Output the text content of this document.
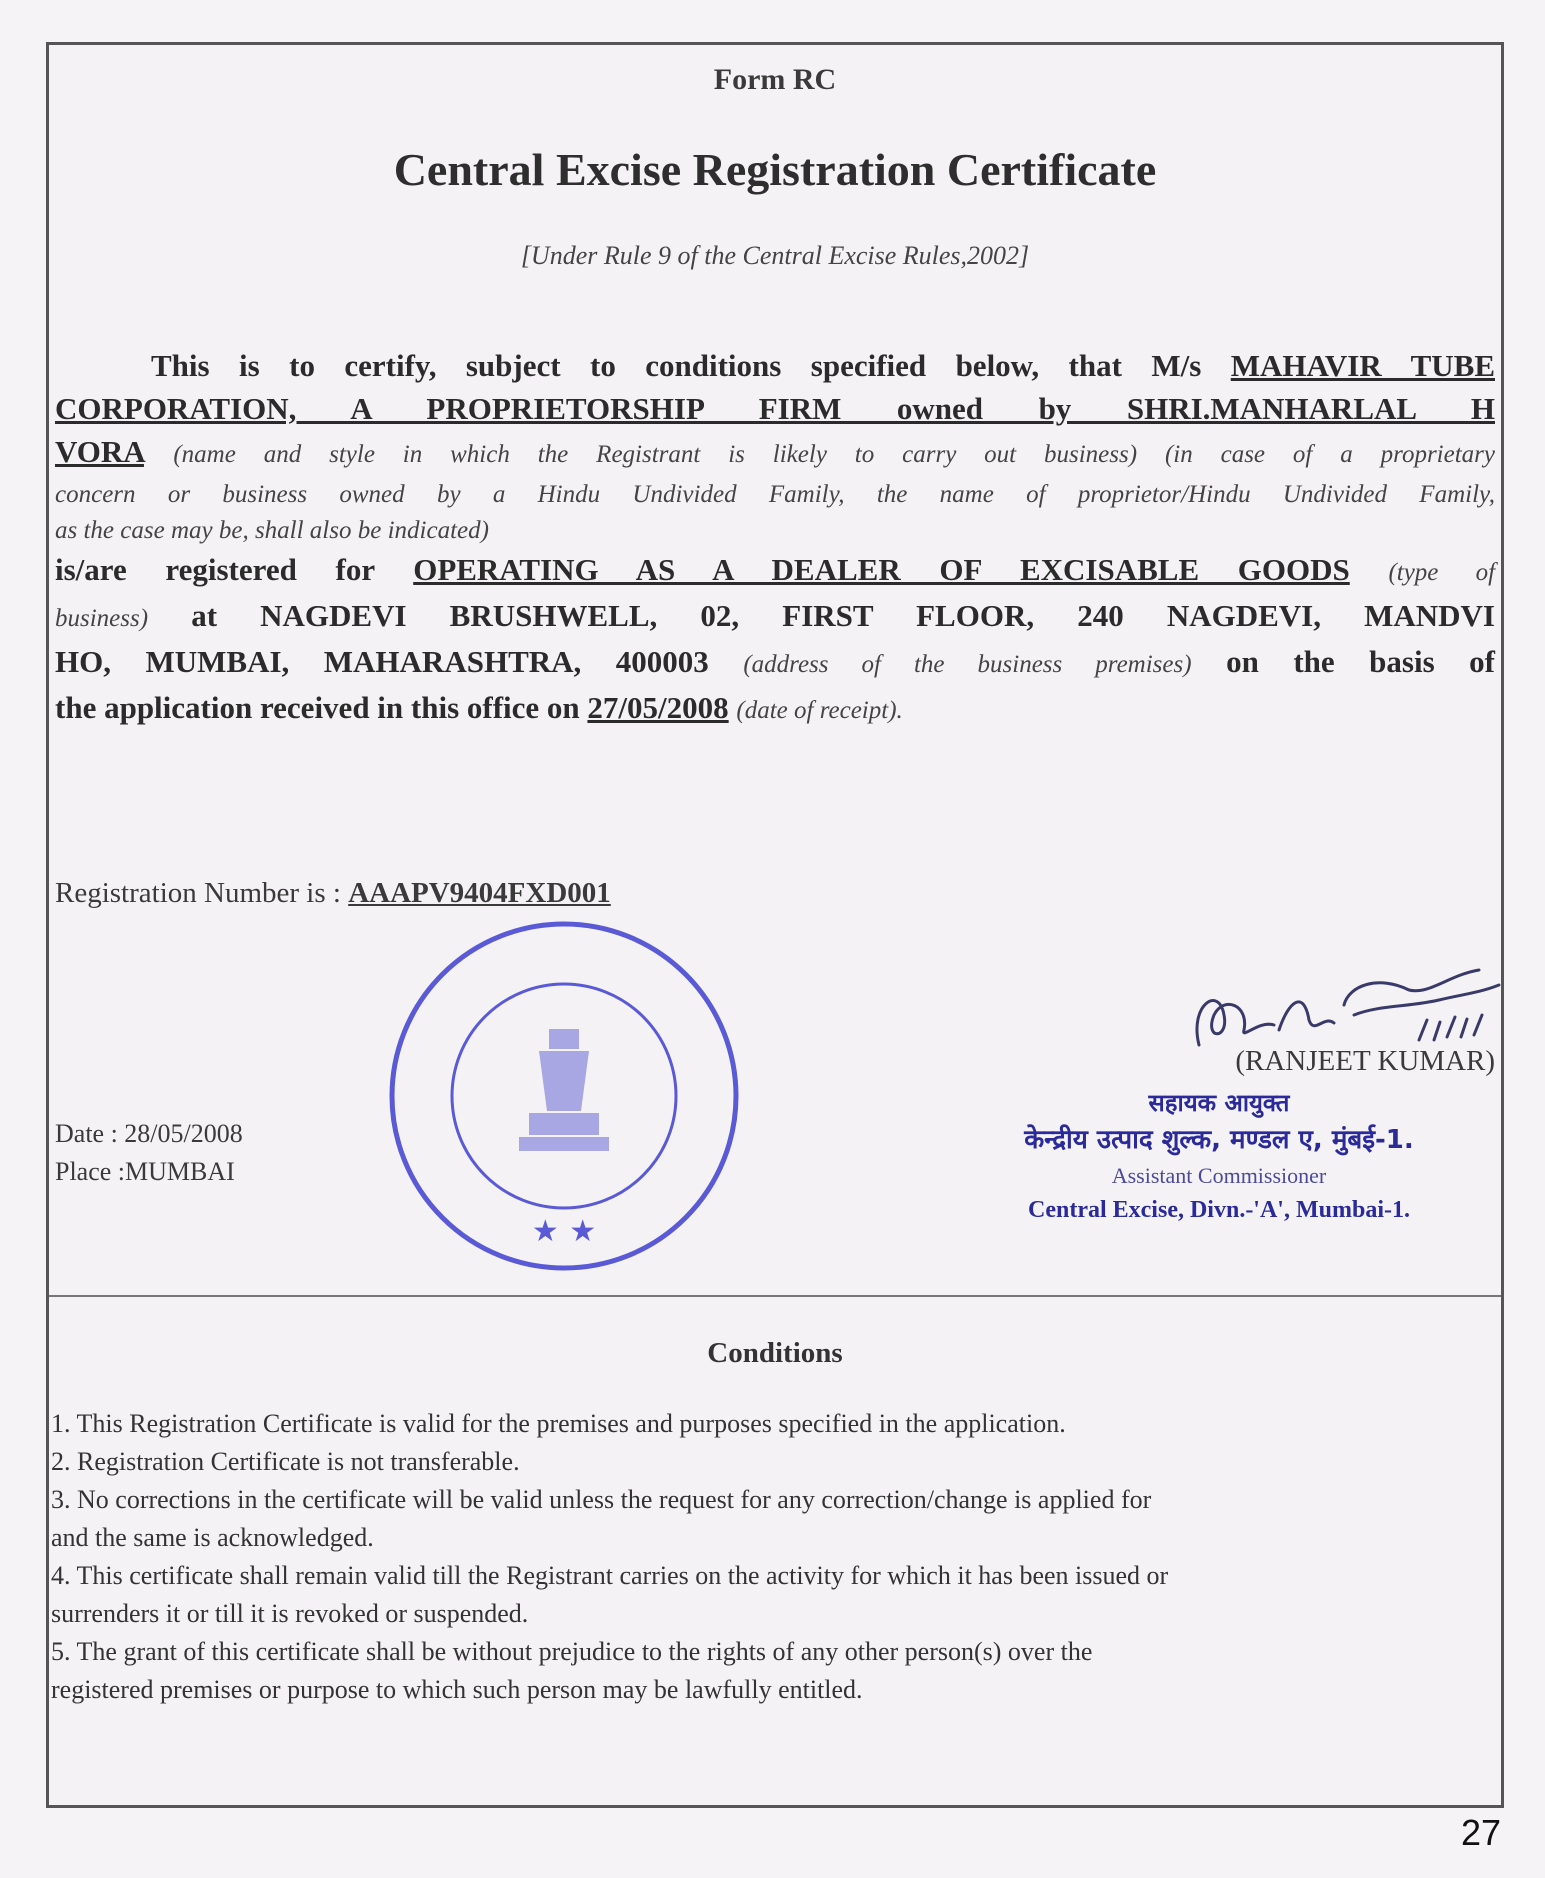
Form RC
Central Excise Registration Certificate
[Under Rule 9 of the Central Excise Rules,2002]
This is to certify, subject to conditions specified below, that M/s MAHAVIR TUBE
CORPORATION, A PROPRIETORSHIP FIRM owned by SHRI.MANHARLAL H
VORA (name and style in which the Registrant is likely to carry out business) (in case of a proprietary
concern or business owned by a Hindu Undivided Family, the name of proprietor/Hindu Undivided Family,
as the case may be, shall also be indicated)
is/are registered for OPERATING AS A DEALER OF EXCISABLE GOODS (type of
business) at NAGDEVI BRUSHWELL, 02, FIRST FLOOR, 240 NAGDEVI, MANDVI
HO, MUMBAI, MAHARASHTRA, 400003 (address of the business premises) on the basis of
the application received in this office on 27/05/2008 (date of receipt).
Registration Number is : AAAPV9404FXD001
★ ★
Date : 28/05/2008
Place :MUMBAI
(RANJEET KUMAR)
सहायक आयुक्त
केन्द्रीय उत्पाद शुल्क, मण्डल ए, मुंबई-1.
Assistant Commissioner
Central Excise, Divn.-'A', Mumbai-1.
Conditions
1. This Registration Certificate is valid for the premises and purposes specified in the application.
2. Registration Certificate is not transferable.
3. No corrections in the certificate will be valid unless the request for any correction/change is applied for
and the same is acknowledged.
4. This certificate shall remain valid till the Registrant carries on the activity for which it has been issued or
surrenders it or till it is revoked or suspended.
5. The grant of this certificate shall be without prejudice to the rights of any other person(s) over the
registered premises or purpose to which such person may be lawfully entitled.
27
